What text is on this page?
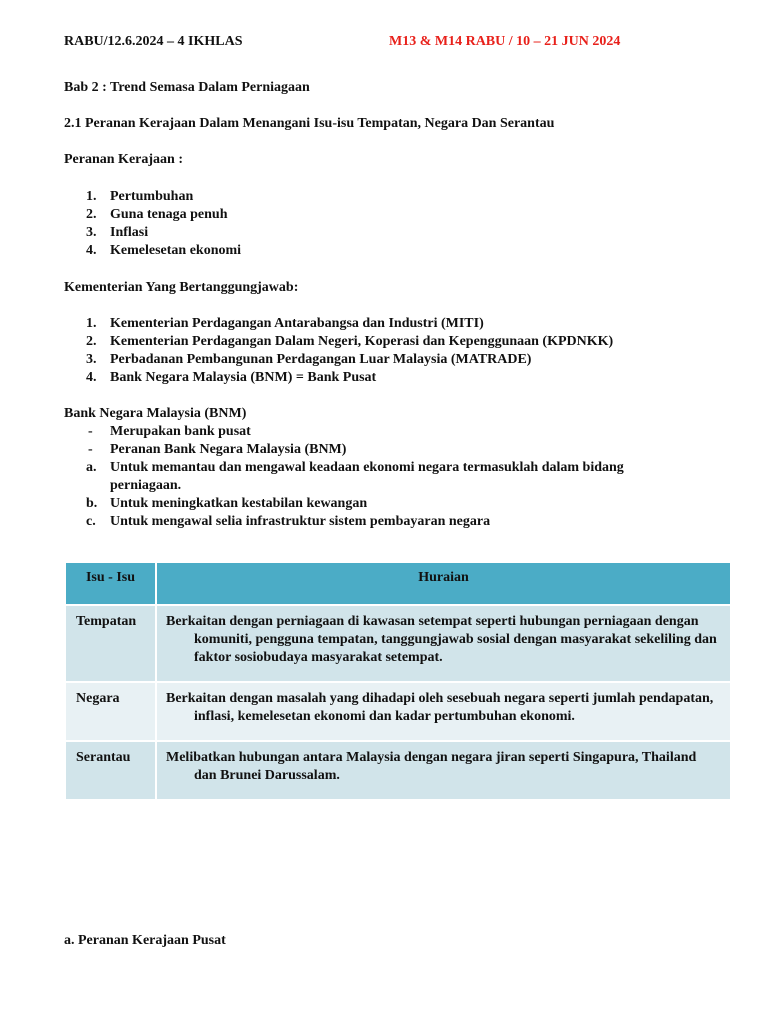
RABU/12.6.2024 – 4 IKHLAS	M13 & M14 RABU / 10 – 21 JUN 2024
Bab 2 : Trend Semasa Dalam Perniagaan
2.1 Peranan Kerajaan Dalam Menangani Isu-isu Tempatan, Negara Dan Serantau
Peranan Kerajaan :
1. Pertumbuhan
2. Guna tenaga penuh
3. Inflasi
4. Kemelesetan ekonomi
Kementerian Yang Bertanggungjawab:
1. Kementerian Perdagangan Antarabangsa dan Industri (MITI)
2. Kementerian Perdagangan Dalam Negeri, Koperasi dan Kepenggunaan (KPDNKK)
3. Perbadanan Pembangunan Perdagangan Luar Malaysia (MATRADE)
4. Bank Negara Malaysia (BNM) = Bank Pusat
Bank Negara Malaysia (BNM)
- Merupakan bank pusat
- Peranan Bank Negara Malaysia (BNM)
a. Untuk memantau dan mengawal keadaan ekonomi negara termasuklah dalam bidang
perniagaan.
b. Untuk meningkatkan kestabilan kewangan
c.	Untuk mengawal selia infrastruktur sistem pembayaran negara
Isu - Isu	Huraian
Tempatan	Berkaitan dengan perniagaan di kawasan setempat seperti hubungan perniagaan dengan komuniti, pengguna tempatan, tanggungjawab sosial dengan masyarakat sekeliling dan faktor sosiobudaya masyarakat setempat.

Negara	Berkaitan dengan masalah yang dihadapi oleh sesebuah negara seperti jumlah pendapatan, inflasi, kemelesetan ekonomi dan kadar pertumbuhan ekonomi.

Serantau	Melibatkan hubungan antara Malaysia dengan negara jiran seperti Singapura, Thailand dan Brunei Darussalam.
a. Peranan Kerajaan Pusat
